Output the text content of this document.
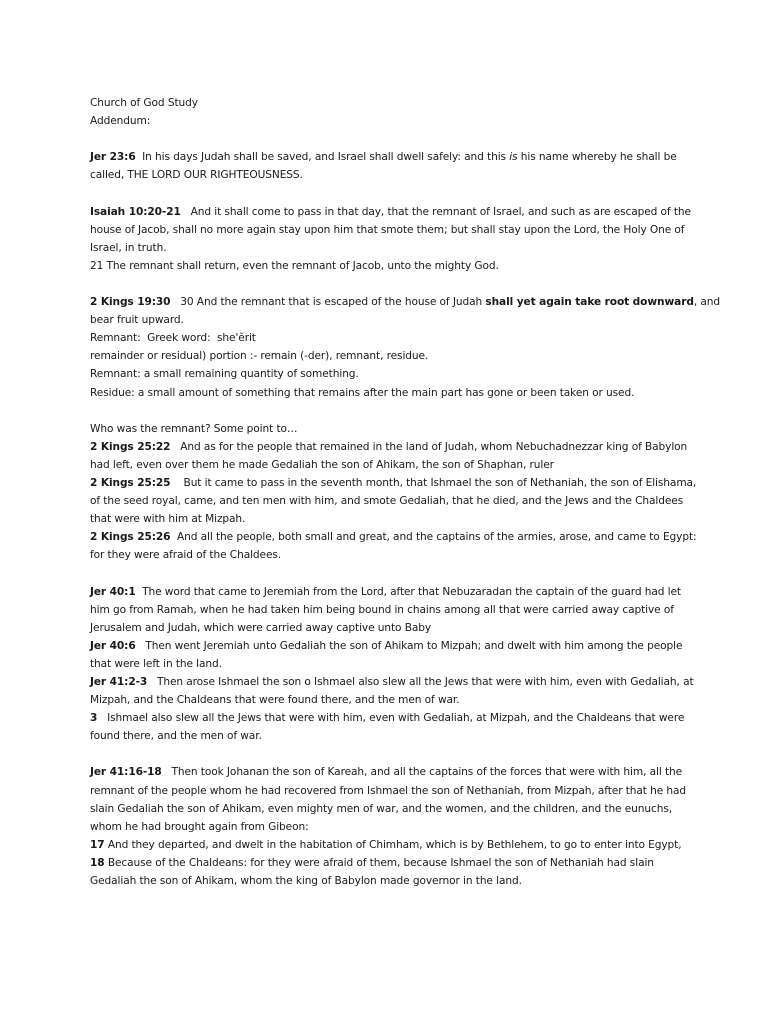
Church of God Study
Addendum:
Jer 23:6  In his days Judah shall be saved, and Israel shall dwell safely: and this is his name whereby he shall be
called, THE LORD OUR RIGHTEOUSNESS.
Isaiah 10:20-21   And it shall come to pass in that day, that the remnant of Israel, and such as are escaped of the
house of Jacob, shall no more again stay upon him that smote them; but shall stay upon the Lord, the Holy One of
Israel, in truth.
21 The remnant shall return, even the remnant of Jacob, unto the mighty God.
2 Kings 19:30   30 And the remnant that is escaped of the house of Judah shall yet again take root downward, and
bear fruit upward.
Remnant:  Greek word:  she'ĕrit
remainder or residual) portion :- remain (-der), remnant, residue.
Remnant: a small remaining quantity of something.
Residue: a small amount of something that remains after the main part has gone or been taken or used.
Who was the remnant? Some point to…
2 Kings 25:22   And as for the people that remained in the land of Judah, whom Nebuchadnezzar king of Babylon
had left, even over them he made Gedaliah the son of Ahikam, the son of Shaphan, ruler
2 Kings 25:25    But it came to pass in the seventh month, that Ishmael the son of Nethaniah, the son of Elishama,
of the seed royal, came, and ten men with him, and smote Gedaliah, that he died, and the Jews and the Chaldees
that were with him at Mizpah.
2 Kings 25:26  And all the people, both small and great, and the captains of the armies, arose, and came to Egypt:
for they were afraid of the Chaldees.
Jer 40:1  The word that came to Jeremiah from the Lord, after that Nebuzaradan the captain of the guard had let
him go from Ramah, when he had taken him being bound in chains among all that were carried away captive of
Jerusalem and Judah, which were carried away captive unto Baby
Jer 40:6   Then went Jeremiah unto Gedaliah the son of Ahikam to Mizpah; and dwelt with him among the people
that were left in the land.
Jer 41:2-3   Then arose Ishmael the son o Ishmael also slew all the Jews that were with him, even with Gedaliah, at
Mizpah, and the Chaldeans that were found there, and the men of war.
3   Ishmael also slew all the Jews that were with him, even with Gedaliah, at Mizpah, and the Chaldeans that were
found there, and the men of war.
Jer 41:16-18   Then took Johanan the son of Kareah, and all the captains of the forces that were with him, all the
remnant of the people whom he had recovered from Ishmael the son of Nethaniah, from Mizpah, after that he had
slain Gedaliah the son of Ahikam, even mighty men of war, and the women, and the children, and the eunuchs,
whom he had brought again from Gibeon:
17 And they departed, and dwelt in the habitation of Chimham, which is by Bethlehem, to go to enter into Egypt,
18 Because of the Chaldeans: for they were afraid of them, because Ishmael the son of Nethaniah had slain
Gedaliah the son of Ahikam, whom the king of Babylon made governor in the land.
